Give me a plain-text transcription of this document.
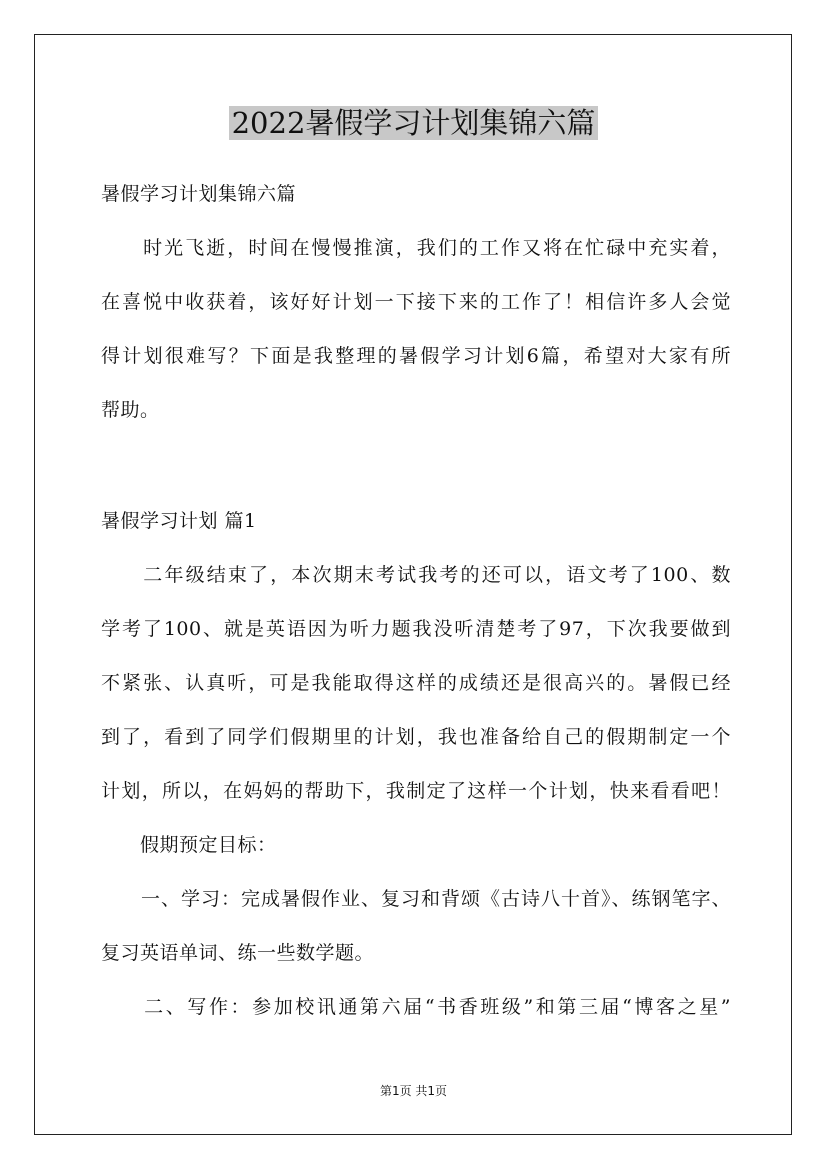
2022暑假学习计划集锦六篇
暑假学习计划集锦六篇
　　时光飞逝，时间在慢慢推演，我们的工作又将在忙碌中充实着，
在喜悦中收获着，该好好计划一下接下来的工作了！相信许多人会觉
得计划很难写？下面是我整理的暑假学习计划6篇，希望对大家有所
帮助。
暑假学习计划 篇1
　　二年级结束了，本次期末考试我考的还可以，语文考了100、数
学考了100、就是英语因为听力题我没听清楚考了97，下次我要做到
不紧张、认真听，可是我能取得这样的成绩还是很高兴的。暑假已经
到了，看到了同学们假期里的计划，我也准备给自己的假期制定一个
计划，所以，在妈妈的帮助下，我制定了这样一个计划，快来看看吧！
　　假期预定目标：
　　一、学习：完成暑假作业、复习和背颂《古诗八十首》、练钢笔字、
复习英语单词、练一些数学题。
　　二、写作：参加校讯通第六届“书香班级”和第三届“博客之星”
第1页 共1页
